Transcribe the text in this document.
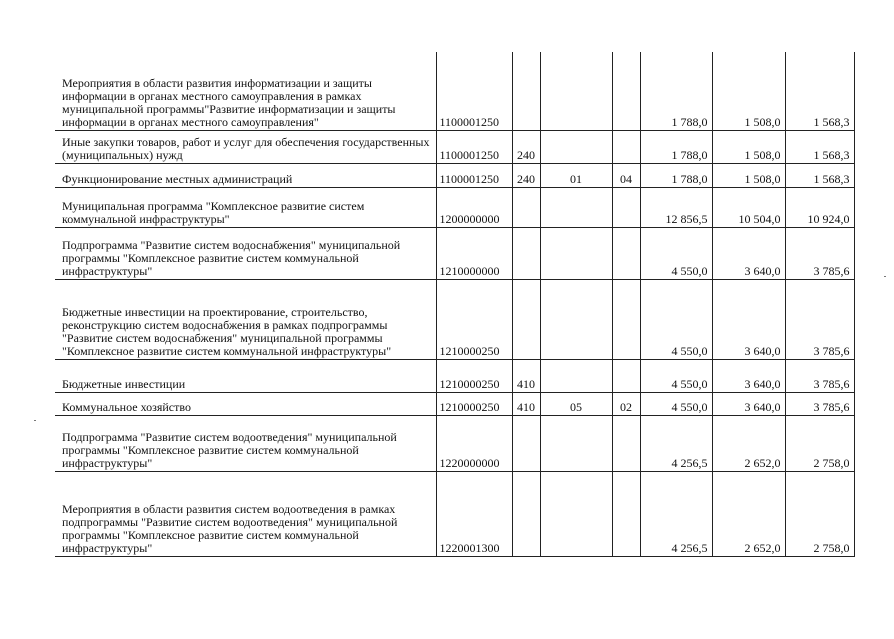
Мероприятия в области развития информатизации и защиты информации в органах местного самоуправления в рамках муниципальной программы"Развитие информатизации и защиты информации в органах местного самоуправления"	1100001250				1 788,0	1 508,0	1 568,3
Иные закупки товаров, работ и услуг для обеспечения государственных (муниципальных) нужд	1100001250	240			1 788,0	1 508,0	1 568,3
Функционирование местных администраций	1100001250	240	01	04	1 788,0	1 508,0	1 568,3
Муниципальная программа "Комплексное развитие систем коммунальной инфраструктуры"	1200000000				12 856,5	10 504,0	10 924,0
Подпрограмма "Развитие систем водоснабжения" муниципальной программы "Комплексное развитие систем коммунальной инфраструктуры"	1210000000				4 550,0	3 640,0	3 785,6
Бюджетные инвестиции на проектирование, строительство, реконструкцию систем водоснабжения в рамках подпрограммы "Развитие систем водоснабжения" муниципальной программы "Комплексное развитие систем коммунальной инфраструктуры"	1210000250				4 550,0	3 640,0	3 785,6
Бюджетные инвестиции	1210000250	410			4 550,0	3 640,0	3 785,6
Коммунальное хозяйство	1210000250	410	05	02	4 550,0	3 640,0	3 785,6
Подпрограмма "Развитие систем водоотведения" муниципальной программы "Комплексное развитие систем коммунальной инфраструктуры"	1220000000				4 256,5	2 652,0	2 758,0
Мероприятия в области развития систем водоотведения в рамках подпрограммы "Развитие систем водоотведения" муниципальной программы "Комплексное развитие систем коммунальной инфраструктуры"	1220001300				4 256,5	2 652,0	2 758,0
